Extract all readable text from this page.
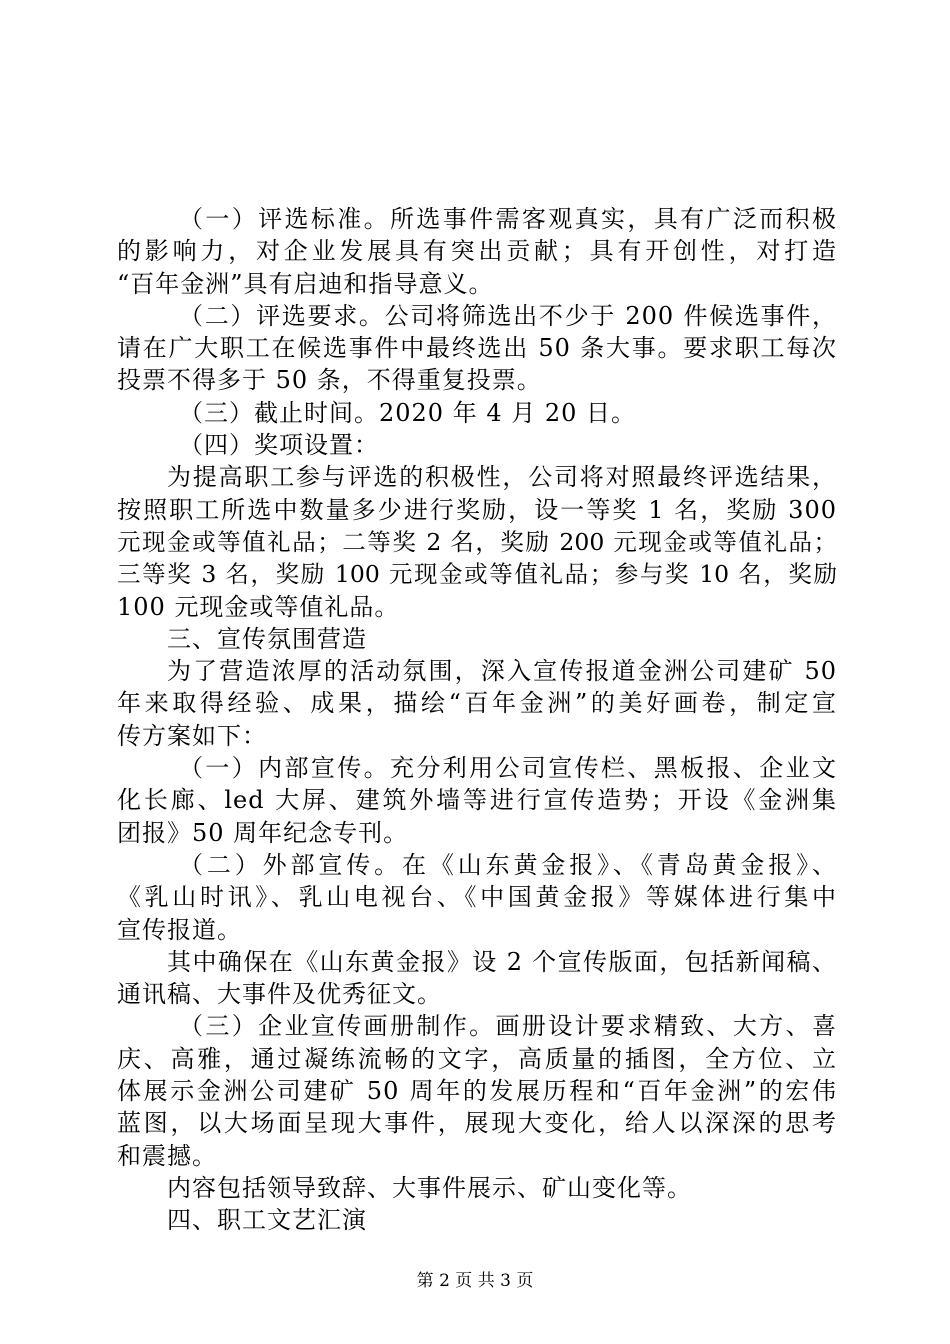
（一）评选标准。所选事件需客观真实，具有广泛而积极
的影响力，对企业发展具有突出贡献；具有开创性，对打造
“百年金洲”具有启迪和指导意义。
（二）评选要求。公司将筛选出不少于 200 件候选事件，
请在广大职工在候选事件中最终选出 50 条大事。要求职工每次
投票不得多于 50 条，不得重复投票。
（三）截止时间。2020 年 4 月 20 日。
（四）奖项设置：
为提高职工参与评选的积极性，公司将对照最终评选结果，
按照职工所选中数量多少进行奖励，设一等奖 1 名，奖励 300
元现金或等值礼品；二等奖 2 名，奖励 200 元现金或等值礼品；
三等奖 3 名，奖励 100 元现金或等值礼品；参与奖 10 名，奖励
100 元现金或等值礼品。
三、宣传氛围营造
为了营造浓厚的活动氛围，深入宣传报道金洲公司建矿 50
年来取得经验、成果，描绘“百年金洲”的美好画卷，制定宣
传方案如下：
（一）内部宣传。充分利用公司宣传栏、黑板报、企业文
化长廊、led 大屏、建筑外墙等进行宣传造势；开设《金洲集
团报》50 周年纪念专刊。
（二）外部宣传。在《山东黄金报》、《青岛黄金报》、
《乳山时讯》、乳山电视台、《中国黄金报》等媒体进行集中
宣传报道。
其中确保在《山东黄金报》设 2 个宣传版面，包括新闻稿、
通讯稿、大事件及优秀征文。
（三）企业宣传画册制作。画册设计要求精致、大方、喜
庆、高雅，通过凝练流畅的文字，高质量的插图，全方位、立
体展示金洲公司建矿 50 周年的发展历程和“百年金洲”的宏伟
蓝图，以大场面呈现大事件，展现大变化，给人以深深的思考
和震撼。
内容包括领导致辞、大事件展示、矿山变化等。
四、职工文艺汇演
第 2 页 共 3 页
